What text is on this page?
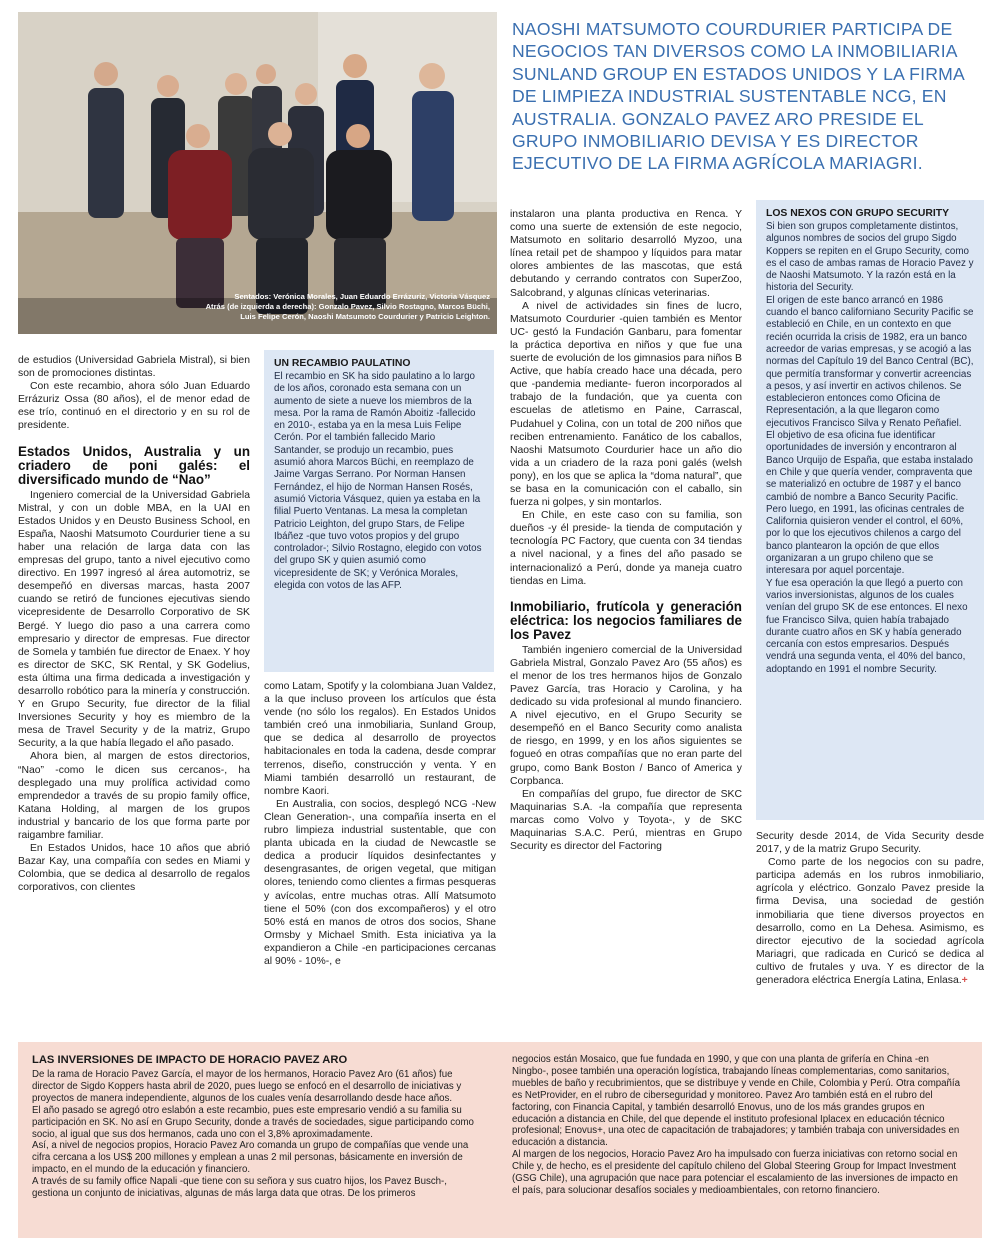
Sentados: Verónica Morales, Juan Eduardo Errázuriz, Victoria Vásquez
Atrás (de izquierda a derecha): Gonzalo Pavez, Silvio Rostagno, Marcos Büchi,
Luis Felipe Cerón, Naoshi Matsumoto Courdurier y Patricio Leighton.
NAOSHI MATSUMOTO COURDURIER PARTICIPA DE NEGOCIOS TAN DIVERSOS COMO LA INMOBILIARIA SUNLAND GROUP EN ESTADOS UNIDOS Y LA FIRMA DE LIMPIEZA INDUSTRIAL SUSTENTABLE NCG, EN AUSTRALIA. GONZALO PAVEZ ARO PRESIDE EL GRUPO INMOBILIARIO DEVISA Y ES DIRECTOR EJECUTIVO DE LA FIRMA AGRÍCOLA MARIAGRI.

de estudios (Universidad Gabriela Mistral), si bien son de promociones distintas.

Con este recambio, ahora sólo Juan Eduardo Errázuriz Ossa (80 años), el de menor edad de ese trío, continuó en el directorio y en su rol de presidente.

Estados Unidos, Australia y un criadero de poni galés: el diversificado mundo de “Nao”

Ingeniero comercial de la Universidad Gabriela Mistral, y con un doble MBA, en la UAI en Estados Unidos y en Deusto Business School, en España, Naoshi Matsumoto Courdurier tiene a su haber una relación de larga data con las empresas del grupo, tanto a nivel ejecutivo como directivo. En 1997 ingresó al área automotriz, se desempeñó en diversas marcas, hasta 2007 cuando se retiró de funciones ejecutivas siendo vicepresidente de Desarrollo Corporativo de SK Bergé. Y luego dio paso a una carrera como empresario y director de empresas. Fue director de Somela y también fue director de Enaex. Y hoy es director de SKC, SK Rental, y SK Godelius, esta última una firma dedicada a investigación y desarrollo robótico para la minería y construcción. Y en Grupo Security, fue director de la filial Inversiones Security y hoy es miembro de la mesa de Travel Security y de la matriz, Grupo Security, a la que había llegado el año pasado.

Ahora bien, al margen de estos directorios, “Nao” -como le dicen sus cercanos-, ha desplegado una muy prolífica actividad como emprendedor a través de su propio family office, Katana Holding, al margen de los grupos industrial y bancario de los que forma parte por raigambre familiar.

En Estados Unidos, hace 10 años que abrió Bazar Kay, una compañía con sedes en Miami y Colombia, que se dedica al desarrollo de regalos corporativos, con clientes

UN RECAMBIO PAULATINO

El recambio en SK ha sido paulatino a lo largo de los años, coronado esta semana con un aumento de siete a nueve los miembros de la mesa. Por la rama de Ramón Aboitiz -fallecido en 2010-, estaba ya en la mesa Luis Felipe Cerón. Por el también fallecido Mario Santander, se produjo un recambio, pues asumió ahora Marcos Büchi, en reemplazo de Jaime Vargas Serrano. Por Norman Hansen Fernández, el hijo de Norman Hansen Rosés, asumió Victoria Vásquez, quien ya estaba en la filial Puerto Ventanas. La mesa la completan Patricio Leighton, del grupo Stars, de Felipe Ibáñez -que tuvo votos propios y del grupo controlador-; Silvio Rostagno, elegido con votos del grupo SK y quien asumió como vicepresidente de SK; y Verónica Morales, elegida con votos de las AFP.

como Latam, Spotify y la colombiana Juan Valdez, a la que incluso proveen los artículos que ésta vende (no sólo los regalos). En Estados Unidos también creó una inmobiliaria, Sunland Group, que se dedica al desarrollo de proyectos habitacionales en toda la cadena, desde comprar terrenos, diseño, construcción y venta. Y en Miami también desarrolló un restaurant, de nombre Kaori.

En Australia, con socios, desplegó NCG -New Clean Generation-, una compañía inserta en el rubro limpieza industrial sustentable, que con planta ubicada en la ciudad de Newcastle se dedica a producir líquidos desinfectantes y desengrasantes, de origen vegetal, que mitigan olores, teniendo como clientes a firmas pesqueras y avícolas, entre muchas otras. Allí Matsumoto tiene el 50% (con dos excompañeros) y el otro 50% está en manos de otros dos socios, Shane Ormsby y Michael Smith. Esta iniciativa ya la expandieron a Chile -en participaciones cercanas al 90% - 10%-, e

instalaron una planta productiva en Renca. Y como una suerte de extensión de este negocio, Matsumoto en solitario desarrolló Myzoo, una línea retail pet de shampoo y líquidos para matar olores ambientes de las mascotas, que está debutando y cerrando contratos con SuperZoo, Salcobrand, y algunas clínicas veterinarias.

A nivel de actividades sin fines de lucro, Matsumoto Courdurier -quien también es Mentor UC- gestó la Fundación Ganbaru, para fomentar la práctica deportiva en niños y que fue una suerte de evolución de los gimnasios para niños B Active, que había creado hace una década, pero que -pandemia mediante- fueron incorporados al trabajo de la fundación, que ya cuenta con escuelas de atletismo en Paine, Carrascal, Pudahuel y Colina, con un total de 200 niños que reciben entrenamiento. Fanático de los caballos, Naoshi Matsumoto Courdurier hace un año dio vida a un criadero de la raza poni galés (welsh pony), en los que se aplica la “doma natural”, que se basa en la comunicación con el caballo, sin fuerza ni golpes, y sin montarlos.

En Chile, en este caso con su familia, son dueños -y él preside- la tienda de computación y tecnología PC Factory, que cuenta con 34 tiendas a nivel nacional, y a fines del año pasado se internacionalizó a Perú, donde ya maneja cuatro tiendas en Lima.

Inmobiliario, frutícola y generación eléctrica: los negocios familiares de los Pavez

También ingeniero comercial de la Universidad Gabriela Mistral, Gonzalo Pavez Aro (55 años) es el menor de los tres hermanos hijos de Gonzalo Pavez García, tras Horacio y Carolina, y ha dedicado su vida profesional al mundo financiero. A nivel ejecutivo, en el Grupo Security se desempeñó en el Banco Security como analista de riesgo, en 1999, y en los años siguientes se fogueó en otras compañías que no eran parte del grupo, como Bank Boston / Banco of America y Corpbanca.

En compañías del grupo, fue director de SKC Maquinarias S.A. -la compañía que representa marcas como Volvo y Toyota-, y de SKC Maquinarias S.A.C. Perú, mientras en Grupo Security es director del Factoring

LOS NEXOS CON GRUPO SECURITY

Si bien son grupos completamente distintos, algunos nombres de socios del grupo Sigdo Koppers se repiten en el Grupo Security, como es el caso de ambas ramas de Horacio Pavez y de Naoshi Matsumoto. Y la razón está en la historia del Security.

El origen de este banco arrancó en 1986 cuando el banco californiano Security Pacific se estableció en Chile, en un contexto en que recién ocurrida la crisis de 1982, era un banco acreedor de varias empresas, y se acogió a las normas del Capítulo 19 del Banco Central (BC), que permitía transformar y convertir acreencias a pesos, y así invertir en activos chilenos. Se establecieron entonces como Oficina de Representación, a la que llegaron como ejecutivos Francisco Silva y Renato Peñafiel.

El objetivo de esa oficina fue identificar oportunidades de inversión y encontraron al Banco Urquijo de España, que estaba instalado en Chile y que quería vender, compraventa que se materializó en octubre de 1987 y el banco cambió de nombre a Banco Security Pacific.

Pero luego, en 1991, las oficinas centrales de California quisieron vender el control, el 60%, por lo que los ejecutivos chilenos a cargo del banco plantearon la opción de que ellos organizaran a un grupo chileno que se interesara por aquel porcentaje.

Y fue esa operación la que llegó a puerto con varios inversionistas, algunos de los cuales venían del grupo SK de ese entonces. El nexo fue Francisco Silva, quien había trabajado durante cuatro años en SK y había generado cercanía con estos empresarios. Después vendrá una segunda venta, el 40% del banco, adoptando en 1991 el nombre Security.

Security desde 2014, de Vida Security desde 2017, y de la matriz Grupo Security.

Como parte de los negocios con su padre, participa además en los rubros inmobiliario, agrícola y eléctrico. Gonzalo Pavez preside la firma Devisa, una sociedad de gestión inmobiliaria que tiene diversos proyectos en desarrollo, como en La Dehesa. Asimismo, es director ejecutivo de la sociedad agrícola Mariagri, que radicada en Curicó se dedica al cultivo de frutales y uva. Y es director de la generadora eléctrica Energía Latina, Enlasa.+

LAS INVERSIONES DE IMPACTO DE HORACIO PAVEZ ARO

De la rama de Horacio Pavez García, el mayor de los hermanos, Horacio Pavez Aro (61 años) fue director de Sigdo Koppers hasta abril de 2020, pues luego se enfocó en el desarrollo de iniciativas y proyectos de manera independiente, algunos de los cuales venía desarrollando desde hace años.

El año pasado se agregó otro eslabón a este recambio, pues este empresario vendió a su familia su participación en SK. No así en Grupo Security, donde a través de sociedades, sigue participando como socio, al igual que sus dos hermanos, cada uno con el 3,8% aproximadamente.

Así, a nivel de negocios propios, Horacio Pavez Aro comanda un grupo de compañías que vende una cifra cercana a los US$ 200 millones y emplean a unas 2 mil personas, básicamente en inversión de impacto, en el mundo de la educación y financiero.

A través de su family office Napali -que tiene con su señora y sus cuatro hijos, los Pavez Busch-, gestiona un conjunto de iniciativas, algunas de más larga data que otras. De los primeros

negocios están Mosaico, que fue fundada en 1990, y que con una planta de grifería en China -en Ningbo-, posee también una operación logística, trabajando líneas complementarias, como sanitarios, muebles de baño y recubrimientos, que se distribuye y vende en Chile, Colombia y Perú. Otra compañía es NetProvider, en el rubro de ciberseguridad y monitoreo. Pavez Aro también está en el rubro del factoring, con Financia Capital, y también desarrolló Enovus, uno de los más grandes grupos en educación a distancia en Chile, del que depende el instituto profesional Iplacex en educación técnico profesional; Enovus+, una otec de capacitación de trabajadores; y también trabaja con universidades en educación a distancia.

Al margen de los negocios, Horacio Pavez Aro ha impulsado con fuerza iniciativas con retorno social en Chile y, de hecho, es el presidente del capítulo chileno del Global Steering Group for Impact Investment (GSG Chile), una agrupación que nace para potenciar el escalamiento de las inversiones de impacto en el país, para solucionar desafíos sociales y medioambientales, con retorno financiero.
